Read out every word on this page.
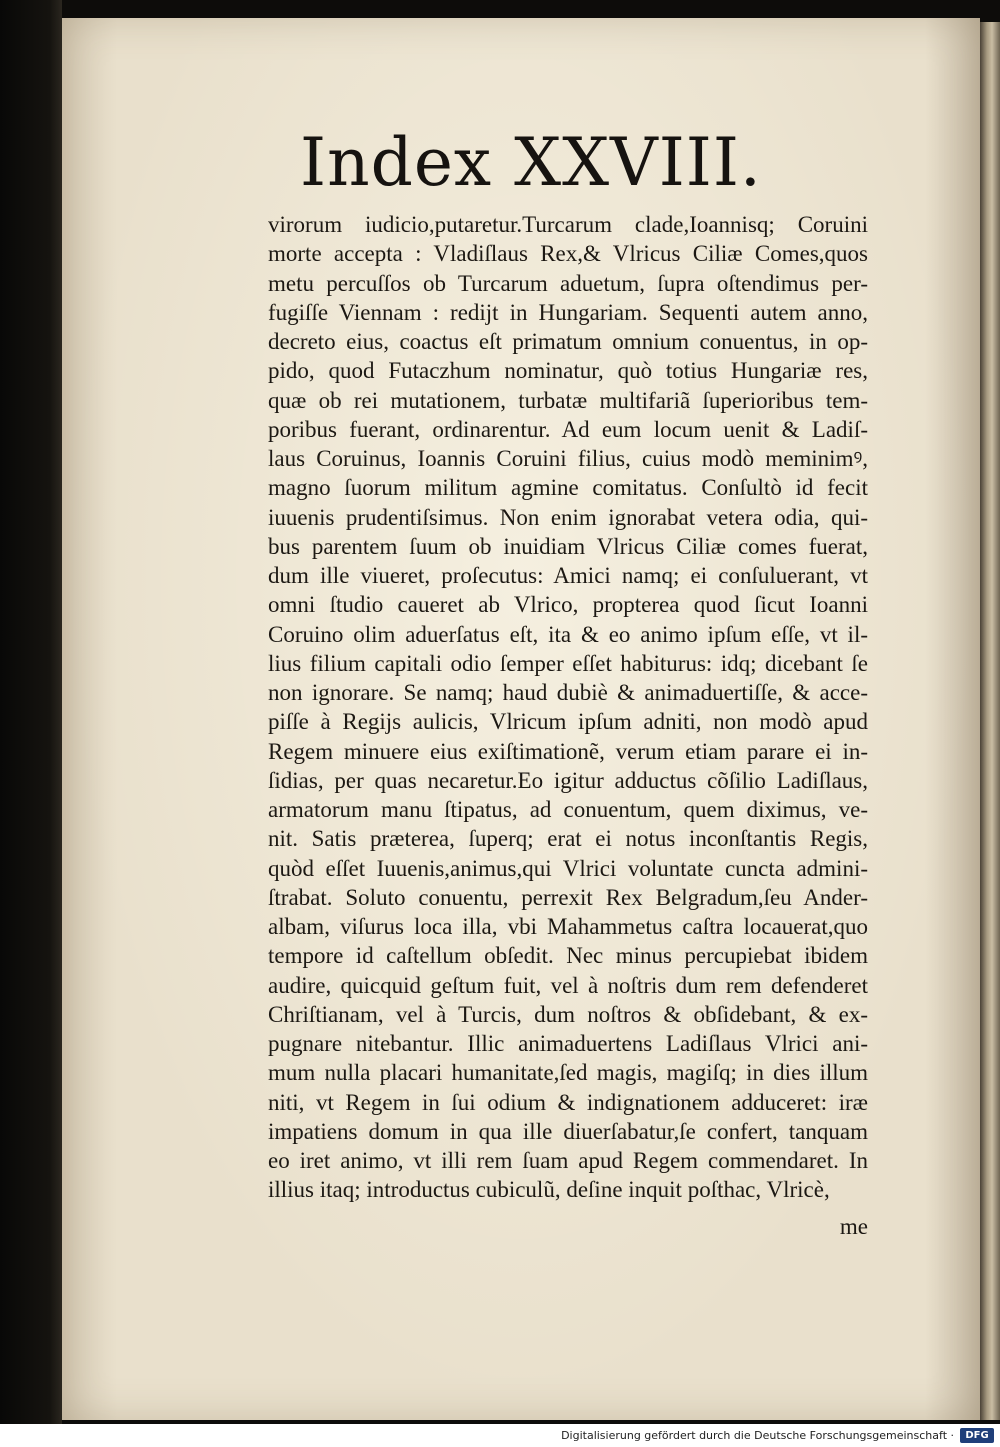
Index XXVIII.
virorum iudicio,putaretur.Turcarum clade,Ioannisq; Coruini
morte accepta : Vladiſlaus Rex,& Vlricus Ciliæ Comes,quos
metu percuſſos ob Turcarum aduetum, ſupra oſtendimus per-
fugiſſe Viennam : redijt in Hungariam. Sequenti autem anno,
decreto eius, coactus eſt primatum omnium conuentus, in op-
pido, quod Futaczhum nominatur, quò totius Hungariæ res,
quæ ob rei mutationem, turbatæ multifariã ſuperioribus tem-
poribus fuerant, ordinarentur. Ad eum locum uenit & Ladiſ-
laus Coruinus, Ioannis Coruini filius, cuius modò meminimꝰ,
magno ſuorum militum agmine comitatus. Conſultò id fecit
iuuenis prudentiſsimus. Non enim ignorabat vetera odia, qui-
bus parentem ſuum ob inuidiam Vlricus Ciliæ comes fuerat,
dum ille viueret, proſecutus: Amici namq; ei conſuluerant, vt
omni ſtudio caueret ab Vlrico, propterea quod ſicut Ioanni
Coruino olim aduerſatus eſt, ita & eo animo ipſum eſſe, vt il-
lius filium capitali odio ſemper eſſet habiturus: idq; dicebant ſe
non ignorare. Se namq; haud dubiè & animaduertiſſe, & acce-
piſſe à Regijs aulicis, Vlricum ipſum adniti, non modò apud
Regem minuere eius exiſtimationẽ, verum etiam parare ei in-
ſidias, per quas necaretur.Eo igitur adductus cõſilio Ladiſlaus,
armatorum manu ſtipatus, ad conuentum, quem diximus, ve-
nit. Satis præterea, ſuperq; erat ei notus inconſtantis Regis,
quòd eſſet Iuuenis,animus,qui Vlrici voluntate cuncta admini-
ſtrabat. Soluto conuentu, perrexit Rex Belgradum,ſeu Ander-
albam, viſurus loca illa, vbi Mahammetus caſtra locauerat,quo
tempore id caſtellum obſedit. Nec minus percupiebat ibidem
audire, quicquid geſtum fuit, vel à noſtris dum rem defenderet
Chriſtianam, vel à Turcis, dum noſtros & obſidebant, & ex-
pugnare nitebantur. Illic animaduertens Ladiſlaus Vlrici ani-
mum nulla placari humanitate,ſed magis, magiſq; in dies illum
niti, vt Regem in ſui odium & indignationem adduceret: iræ
impatiens domum in qua ille diuerſabatur,ſe confert, tanquam
eo iret animo, vt illi rem ſuam apud Regem commendaret. In
illius itaq; introductus cubiculũ, deſine inquit poſthac, Vlricè,
me
Digitalisierung gefördert durch die Deutsche Forschungsgemeinschaft ·	DFG
